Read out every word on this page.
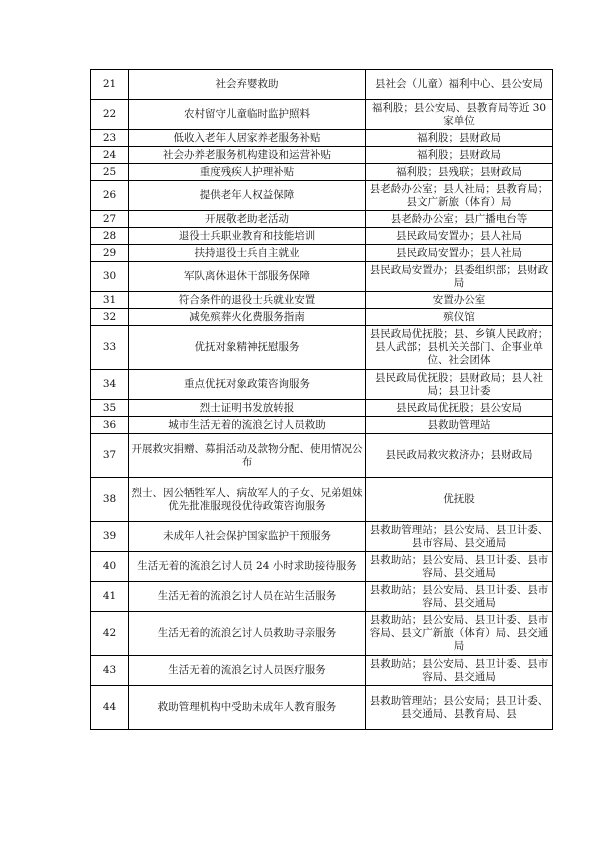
21	社会弃婴救助	县社会（儿童）福利中心、县公安局
22	农村留守儿童临时监护照料	福利股；县公安局、县教育局等近 30 家单位
23	低收入老年人居家养老服务补贴	福利股；县财政局
24	社会办养老服务机构建设和运营补贴	福利股；县财政局
25	重度残疾人护理补贴	福利股；县残联；县财政局
26	提供老年人权益保障	县老龄办公室；县人社局；县教育局；县文广新旅（体育）局
27	开展敬老助老活动	县老龄办公室；县广播电台等
28	退役士兵职业教育和技能培训	县民政局安置办；县人社局
29	扶持退役士兵自主就业	县民政局安置办；县人社局
30	军队离休退休干部服务保障	县民政局安置办；县委组织部；县财政局
31	符合条件的退役士兵就业安置	安置办公室
32	减免殡葬火化费服务指南	殡仪馆
33	优抚对象精神抚慰服务	县民政局优抚股；县、乡镇人民政府；县人武部；县机关关部门、企事业单位、社会团体
34	重点优抚对象政策咨询服务	县民政局优抚股；县财政局；县人社局；县卫计委
35	烈士证明书发放转报	县民政局优抚股；县公安局
36	城市生活无着的流浪乞讨人员救助	县救助管理站
37	开展救灾捐赠、募捐活动及款物分配、使用情况公布	县民政局救灾救济办；县财政局
38	烈士、因公牺牲军人、病故军人的子女、兄弟姐妹优先批准服现役优待政策咨询服务	优抚股
39	未成年人社会保护国家监护干预服务	县救助管理站；县公安局、县卫计委、县市容局、县交通局
40	生活无着的流浪乞讨人员 24 小时求助接待服务	县救助站；县公安局、县卫计委、县市容局、县交通局
41	生活无着的流浪乞讨人员在站生活服务	县救助站；县公安局、县卫计委、县市容局、县交通局
42	生活无着的流浪乞讨人员救助寻亲服务	县救助站；县公安局、县卫计委、县市容局、县文广新旅（体育）局、县交通局
43	生活无着的流浪乞讨人员医疗服务	县救助站；县公安局、县卫计委、县市容局、县交通局
44	救助管理机构中受助未成年人教育服务	县救助管理站；县公安局；县卫计委、县交通局、县教育局、县
